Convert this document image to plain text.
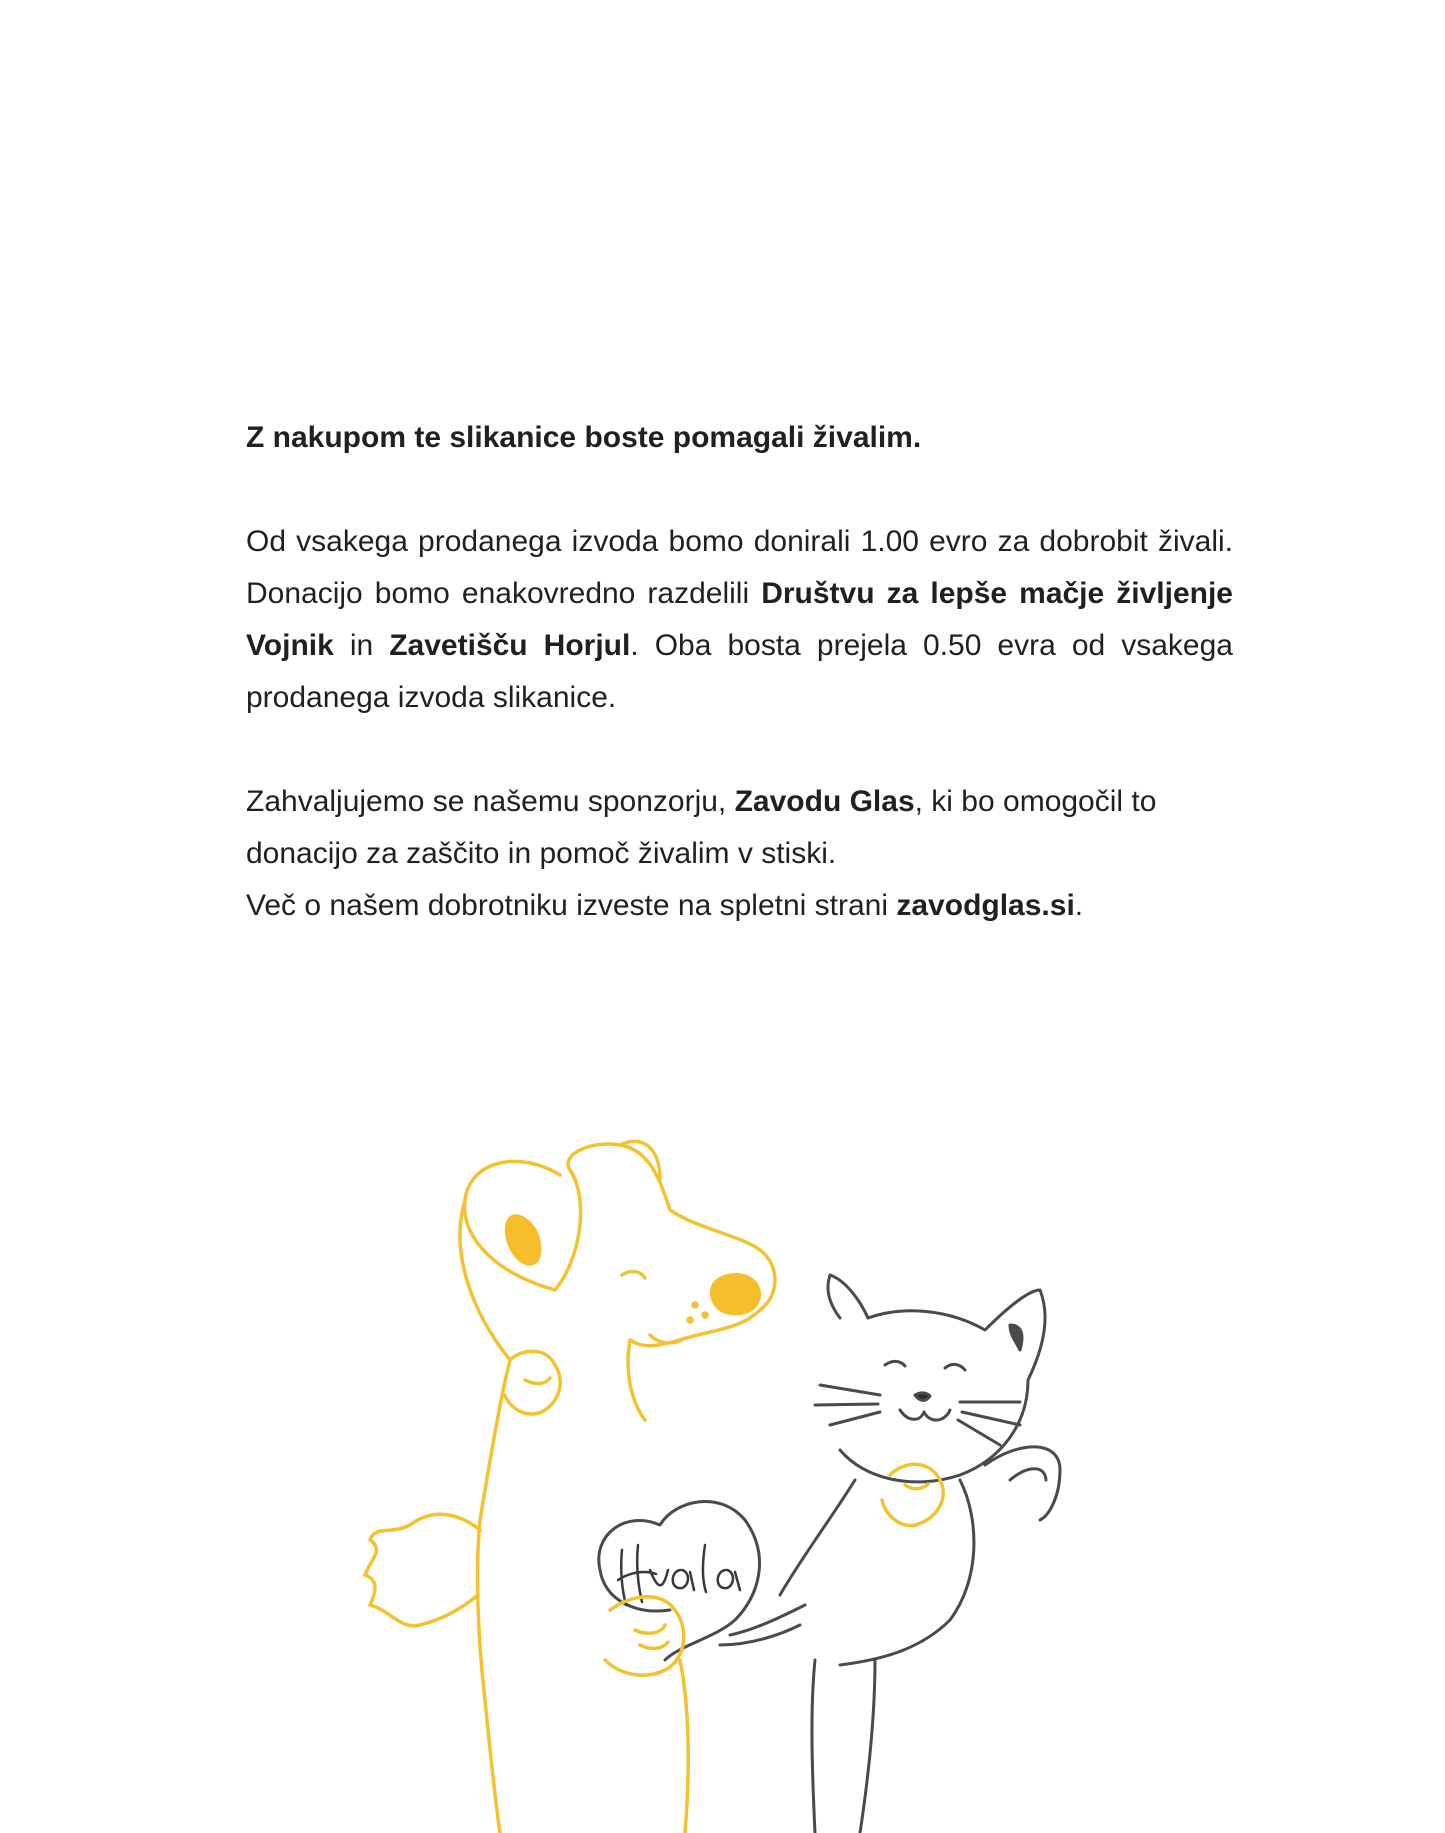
Z nakupom te slikanice boste pomagali živalim.

Od vsakega prodanega izvoda bomo donirali 1.00 evro za dobrobit živali. Donacijo bomo enakovredno razdelili Društvu za lepše mačje življenje Vojnik in Zavetišču Horjul. Oba bosta prejela 0.50 evra od vsakega prodanega izvoda slikanice.

Zahvaljujemo se našemu sponzorju, Zavodu Glas, ki bo omogočil to donacijo za zaščito in pomoč živalim v stiski.
Več o našem dobrotniku izveste na spletni strani zavodglas.si.
